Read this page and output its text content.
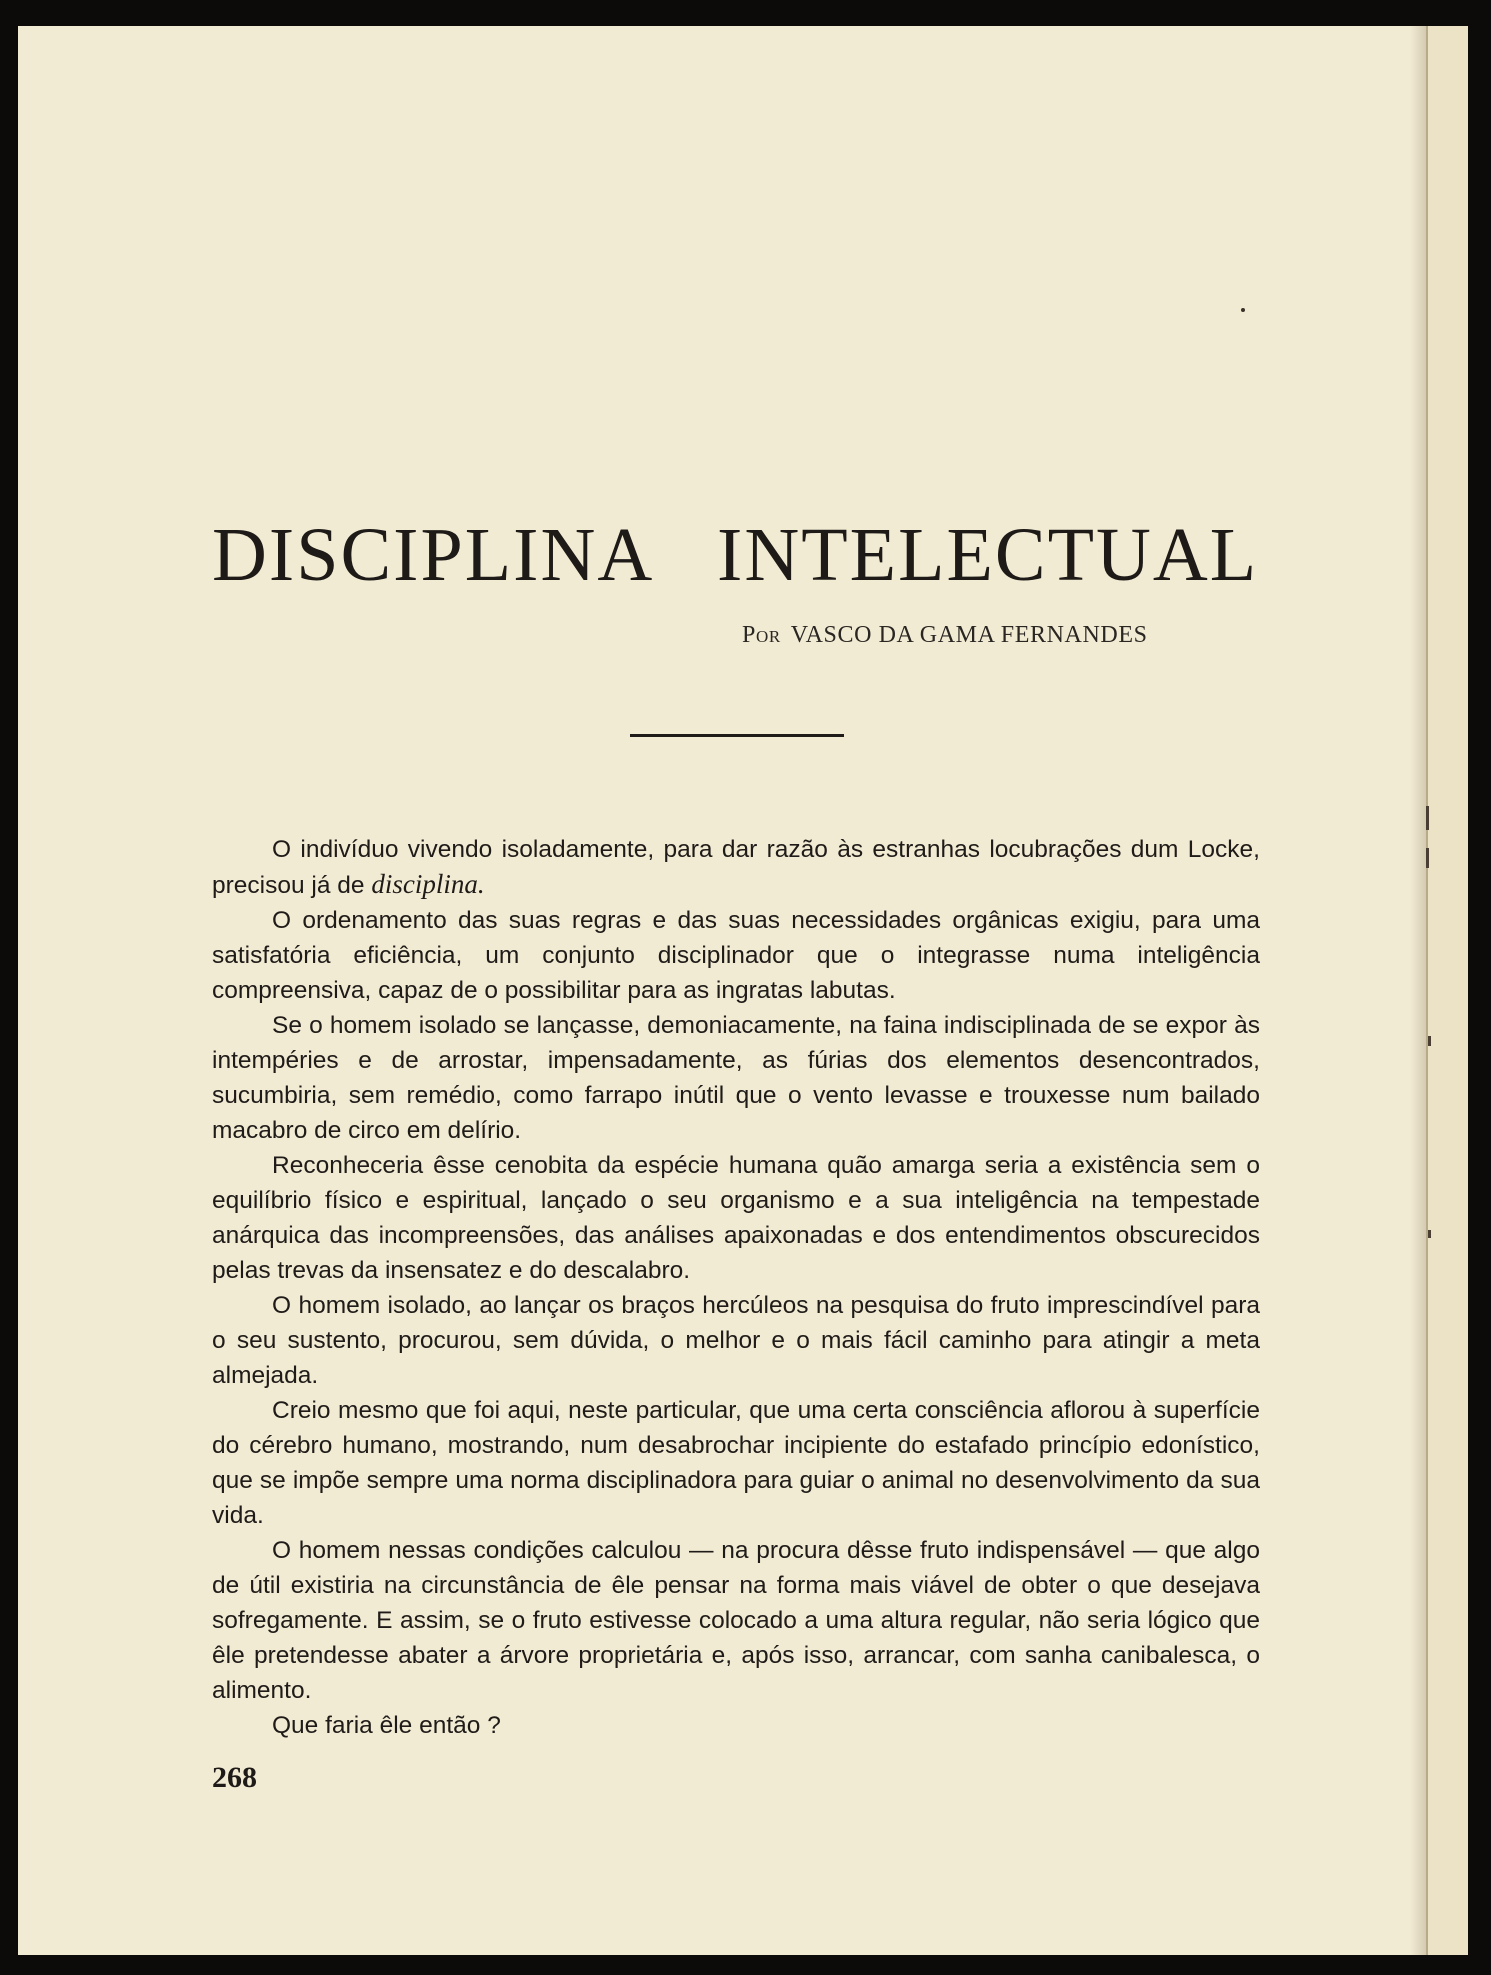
DISCIPLINA INTELECTUAL
Por VASCO DA GAMA FERNANDES

O indivíduo vivendo isoladamente, para dar razão às estranhas locubrações dum Locke, precisou já de disciplina.

O ordenamento das suas regras e das suas necessidades orgânicas exigiu, para uma satisfatória eficiência, um conjunto disciplinador que o integrasse numa inteligência compreensiva, capaz de o possibilitar para as ingratas labutas.

Se o homem isolado se lançasse, demoniacamente, na faina indisciplinada de se expor às intempéries e de arrostar, impensadamente, as fúrias dos elementos desencontrados, sucumbiria, sem remédio, como farrapo inútil que o vento levasse e trouxesse num bailado macabro de circo em delírio.

Reconheceria êsse cenobita da espécie humana quão amarga seria a existência sem o equilíbrio físico e espiritual, lançado o seu organismo e a sua inteligência na tempestade anárquica das incompreensões, das análises apaixonadas e dos entendimentos obscurecidos pelas trevas da insensatez e do descalabro.

O homem isolado, ao lançar os braços hercúleos na pesquisa do fruto imprescindível para o seu sustento, procurou, sem dúvida, o melhor e o mais fácil caminho para atingir a meta almejada.

Creio mesmo que foi aqui, neste particular, que uma certa consciência aflorou à superfície do cérebro humano, mostrando, num desabrochar incipiente do estafado princípio edonístico, que se impõe sempre uma norma disciplinadora para guiar o animal no desenvolvimento da sua vida.

O homem nessas condições calculou — na procura dêsse fruto indispensável — que algo de útil existiria na circunstância de êle pensar na forma mais viável de obter o que desejava sofregamente. E assim, se o fruto estivesse colocado a uma altura regular, não seria lógico que êle pretendesse abater a árvore proprietária e, após isso, arrancar, com sanha canibalesca, o alimento.

Que faria êle então ?

268
